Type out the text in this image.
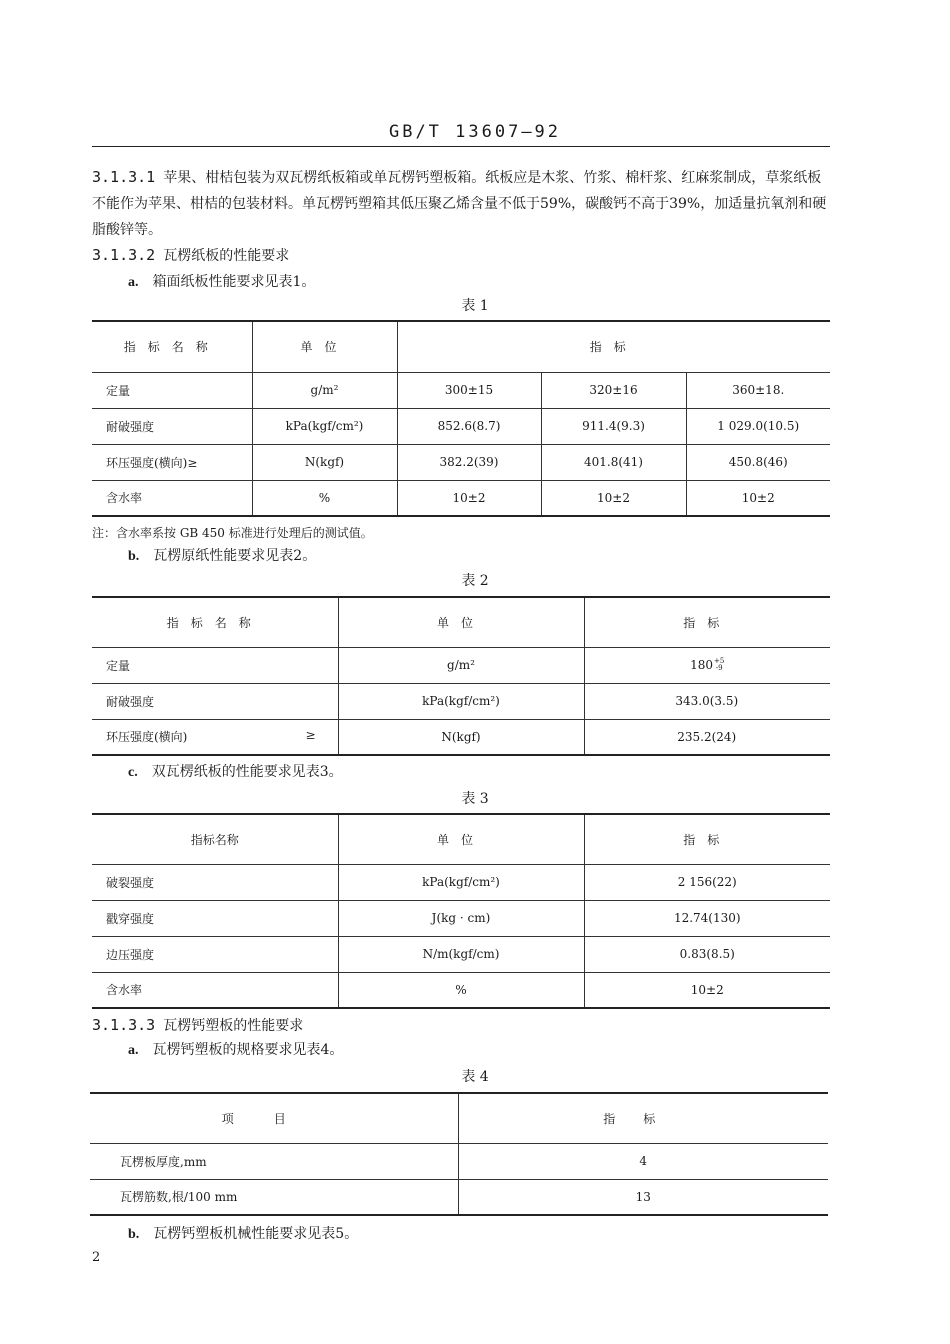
GB/T 13607—92
3.1.3.1 苹果、柑桔包装为双瓦楞纸板箱或单瓦楞钙塑板箱。纸板应是木浆、竹浆、棉杆浆、红麻浆制成，草浆纸板不能作为苹果、柑桔的包装材料。单瓦楞钙塑箱其低压聚乙烯含量不低于59%，碳酸钙不高于39%，加适量抗氧剂和硬脂酸锌等。
3.1.3.2 瓦楞纸板的性能要求
a. 箱面纸板性能要求见表1。
表 1
指标名称	单位	指标		
定量	g/m²	300±15	320±16	360±18.
耐破强度	kPa(kgf/cm²)	852.6(8.7)	911.4(9.3)	1 029.0(10.5)
环压强度(横向)≥	N(kgf)	382.2(39)	401.8(41)	450.8(46)
含水率	%	10±2	10±2	10±2
注：含水率系按 GB 450 标准进行处理后的测试值。
b. 瓦楞原纸性能要求见表2。
表 2
指标名称	单位	指标
定量	g/m²	180+5
-9
耐破强度	kPa(kgf/cm²)	343.0(3.5)

环压强度(横向) ≥	N(kgf)	235.2(24)

c. 双瓦楞纸板的性能要求见表3。
表 3
指标名称	单位	指标
破裂强度	kPa(kgf/cm²)	2 156(22)
戳穿强度	J(kg · cm)	12.74(130)
边压强度	N/m(kgf/cm)	0.83(8.5)
含水率	%	10±2
3.1.3.3 瓦楞钙塑板的性能要求
a. 瓦楞钙塑板的规格要求见表4。
表 4
项目	指标
瓦楞板厚度,mm	4
瓦楞筋数,根/100 mm	13
b. 瓦楞钙塑板机械性能要求见表5。
2
